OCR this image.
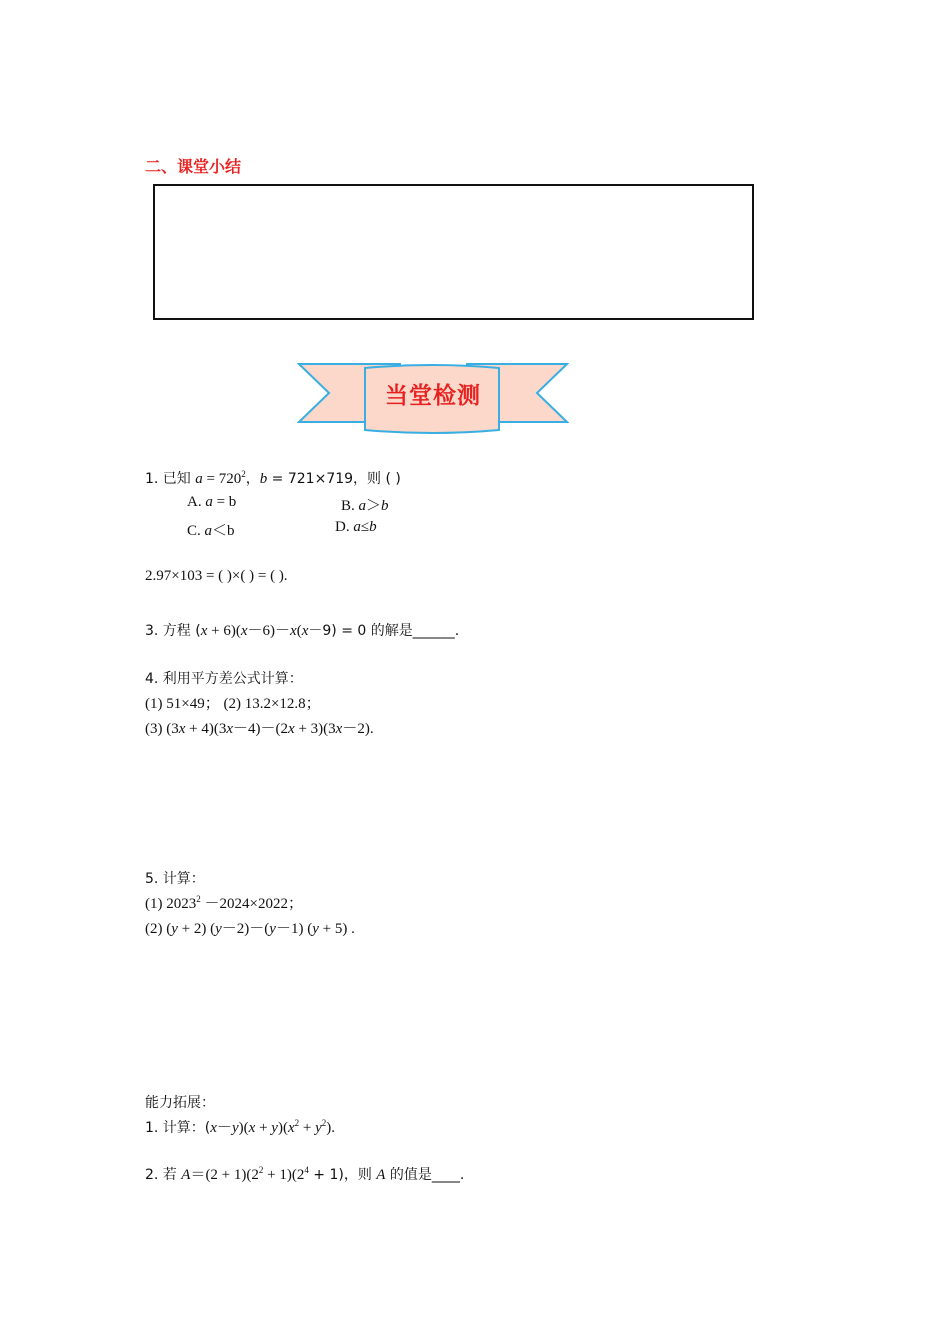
二、课堂小结
当堂检测
1. 已知 $a = 720^2$，b = 721×719，则 ( )
A. a = b	B. a＞b
C. a＜b	D. a≤b
2.97×103 = ( )×( ) = ( ).
3. 方程 (x + 6)(x－6)－x(x－9) = 0 的解是______.
4. 利用平方差公式计算：
(1) 51×49； (2) 13.2×12.8；
(3) (3x + 4)(3x－4)－(2x + 3)(3x－2).
5. 计算：
(1) $2023^2 -2024\times 2022$；
(2) (y + 2) (y－2)－(y－1) (y + 5) .
能力拓展：
1. 计算：$(x-y)(x + y)(x^2 + y^2)$.
2. 若 $A=(2 + 1)(2^2 + 1)(2^4 + 1)$，则 A 的值是____.
